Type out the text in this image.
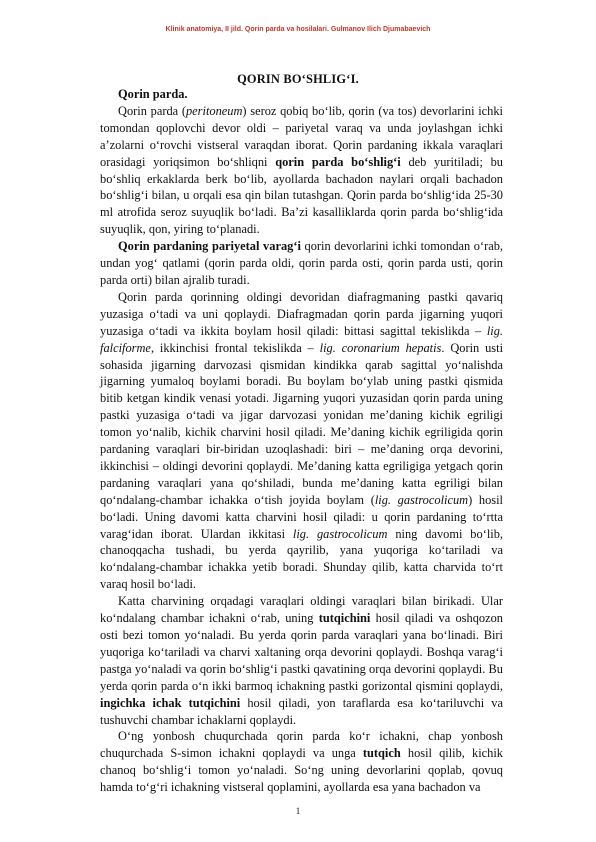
Klinik anatomiya, II jild. Qorin parda va hosilalari. Gulmanov Ilich Djumabaevich
QORIN BO‘SHLIG‘I.

Qorin parda.

Qorin parda (peritoneum) seroz qobiq bo‘lib, qorin (va tos) devorlarini ichki tomondan qoplovchi devor oldi – pariyetal varaq va unda joylashgan ichki a’zolarni o‘rovchi vistseral varaqdan iborat. Qorin pardaning ikkala varaqlari orasidagi yoriqsimon bo‘shliqni qorin parda bo‘shlig‘i deb yuritiladi; bu bo‘shliq erkaklarda berk bo‘lib, ayollarda bachadon naylari orqali bachadon bo‘shlig‘i bilan, u orqali esa qin bilan tutashgan. Qorin parda bo‘shlig‘ida 25-30 ml atrofida seroz suyuqlik bo‘ladi. Ba’zi kasalliklarda qorin parda bo‘shlig‘ida suyuqlik, qon, yiring to‘planadi.

Qorin pardaning pariyetal varag‘i qorin devorlarini ichki tomondan o‘rab, undan yog‘ qatlami (qorin parda oldi, qorin parda osti, qorin parda usti, qorin parda orti) bilan ajralib turadi.

Qorin parda qorinning oldingi devoridan diafragmaning pastki qavariq yuzasiga o‘tadi va uni qoplaydi. Diafragmadan qorin parda jigarning yuqori yuzasiga o‘tadi va ikkita boylam hosil qiladi: bittasi sagittal tekislikda – lig. falciforme, ikkinchisi frontal tekislikda – lig. coronarium hepatis. Qorin usti sohasida jigarning darvozasi qismidan kindikka qarab sagittal yo‘nalishda jigarning yumaloq boylami boradi. Bu boylam bo‘ylab uning pastki qismida bitib ketgan kindik venasi yotadi. Jigarning yuqori yuzasidan qorin parda uning pastki yuzasiga o‘tadi va jigar darvozasi yonidan me’daning kichik egriligi tomon yo‘nalib, kichik charvini hosil qiladi. Me’daning kichik egriligida qorin pardaning varaqlari bir-biridan uzoqlashadi: biri – me’daning orqa devorini, ikkinchisi – oldingi devorini qoplaydi. Me’daning katta egriligiga yetgach qorin pardaning varaqlari yana qo‘shiladi, bunda me’daning katta egriligi bilan qo‘ndalang-chambar ichakka o‘tish joyida boylam (lig. gastrocolicum) hosil bo‘ladi. Uning davomi katta charvini hosil qiladi: u qorin pardaning to‘rtta varag‘idan iborat. Ulardan ikkitasi lig. gastrocolicum ning davomi bo‘lib, chanoqqacha tushadi, bu yerda qayrilib, yana yuqoriga ko‘tariladi va ko‘ndalang-chambar ichakka yetib boradi. Shunday qilib, katta charvida to‘rt varaq hosil bo‘ladi.

Katta charvining orqadagi varaqlari oldingi varaqlari bilan birikadi. Ular ko‘ndalang chambar ichakni o‘rab, uning tutqichini hosil qiladi va oshqozon osti bezi tomon yo‘naladi. Bu yerda qorin parda varaqlari yana bo‘linadi. Biri yuqoriga ko‘tariladi va charvi xaltaning orqa devorini qoplaydi. Boshqa varag‘i pastga yo‘naladi va qorin bo‘shlig‘i pastki qavatining orqa devorini qoplaydi. Bu yerda qorin parda o‘n ikki barmoq ichakning pastki gorizontal qismini qoplaydi, ingichka ichak tutqichini hosil qiladi, yon taraflarda esa ko‘tariluvchi va tushuvchi chambar ichaklarni qoplaydi.

O‘ng yonbosh chuqurchada qorin parda ko‘r ichakni, chap yonbosh chuqurchada S-simon ichakni qoplaydi va unga tutqich hosil qilib, kichik chanoq bo‘shlig‘i tomon yo‘naladi. So‘ng uning devorlarini qoplab, qovuq hamda to‘g‘ri ichakning vistseral qoplamini, ayollarda esa yana bachadon va

1
